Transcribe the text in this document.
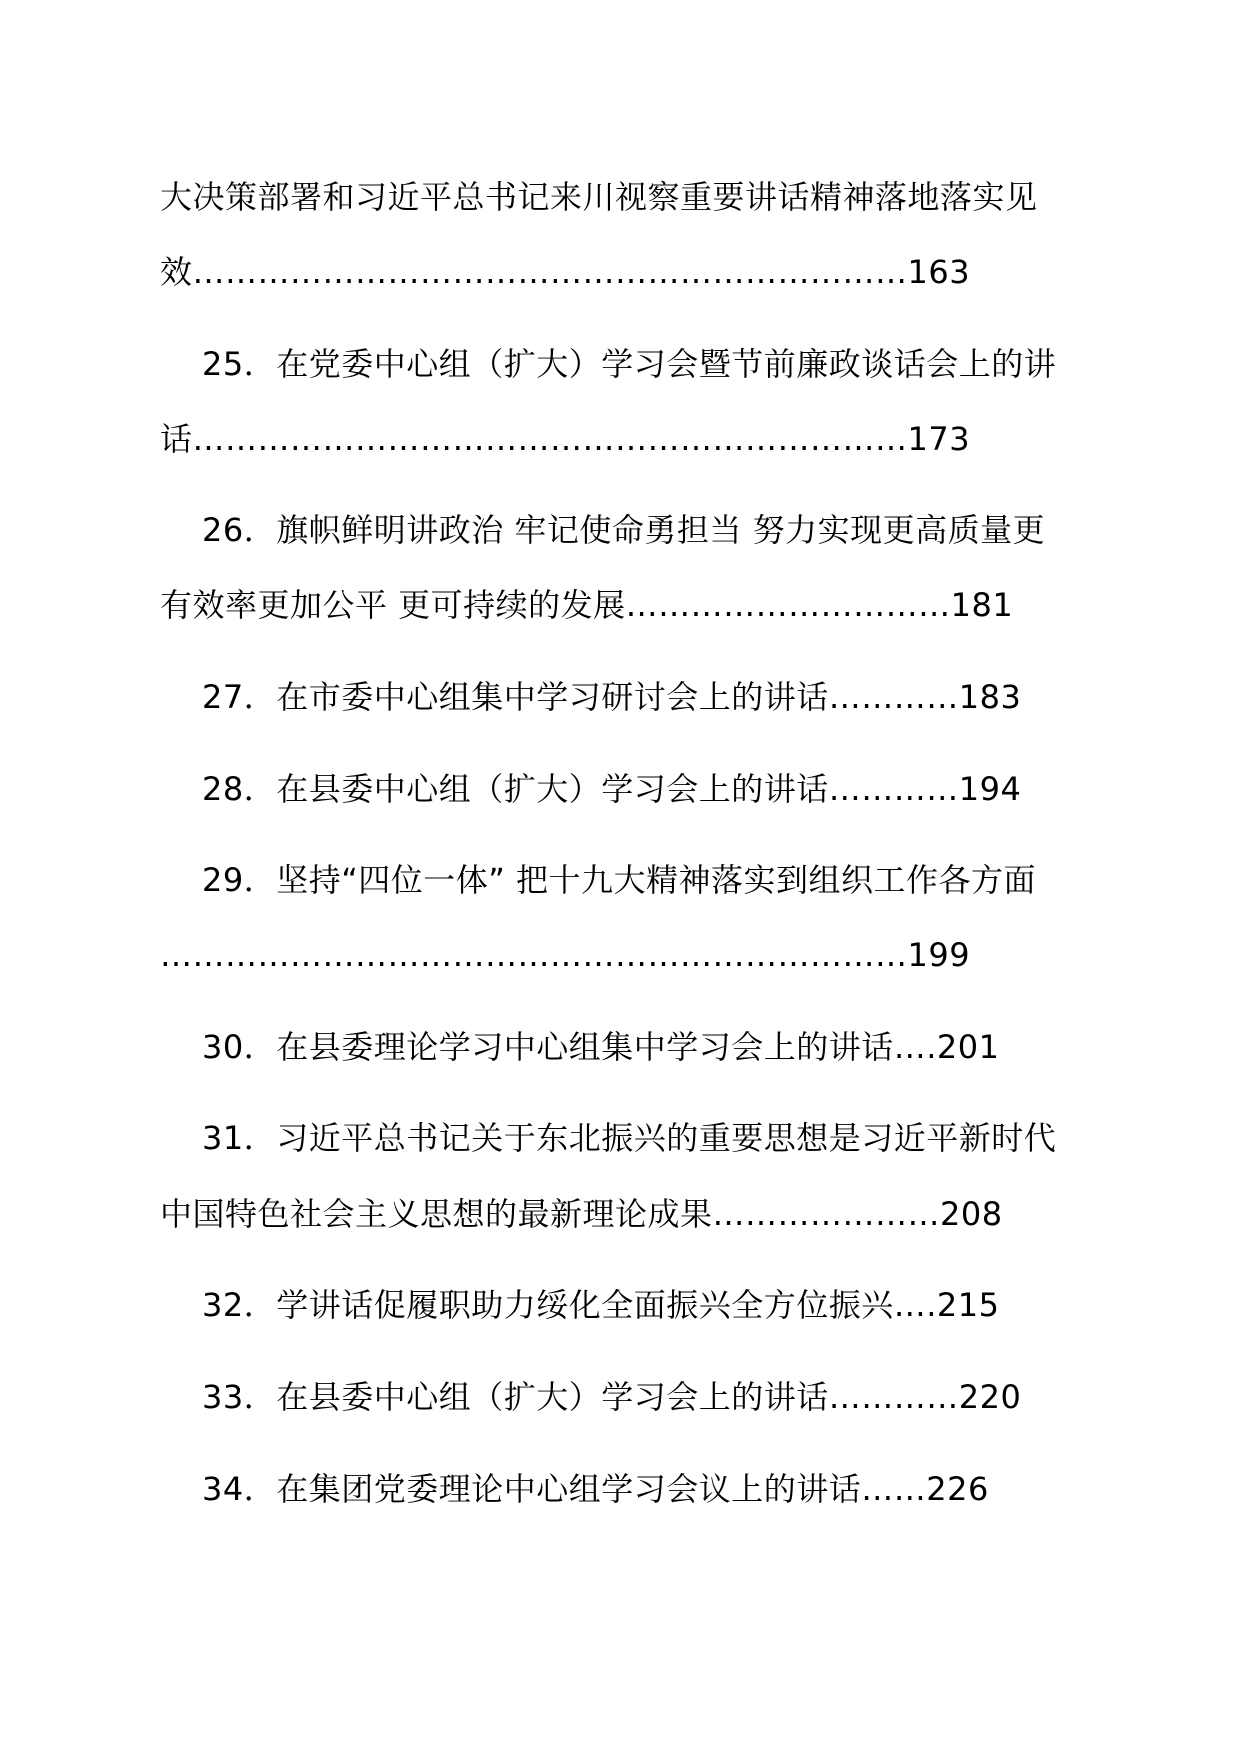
大决策部署和习近平总书记来川视察重要讲话精神落地落实见
效…………………………………………………………163
25．在党委中心组（扩大）学习会暨节前廉政谈话会上的讲
话…………………………………………………………173
26．旗帜鲜明讲政治 牢记使命勇担当 努力实现更高质量更
有效率更加公平 更可持续的发展…………………………181
27．在市委中心组集中学习研讨会上的讲话…………183
28．在县委中心组（扩大）学习会上的讲话…………194
29．坚持“四位一体” 把十九大精神落实到组织工作各方面
……………………………………………………………199
30．在县委理论学习中心组集中学习会上的讲话….201
31．习近平总书记关于东北振兴的重要思想是习近平新时代
中国特色社会主义思想的最新理论成果…………………208
32．学讲话促履职助力绥化全面振兴全方位振兴….215
33．在县委中心组（扩大）学习会上的讲话…………220
34．在集团党委理论中心组学习会议上的讲话……226
